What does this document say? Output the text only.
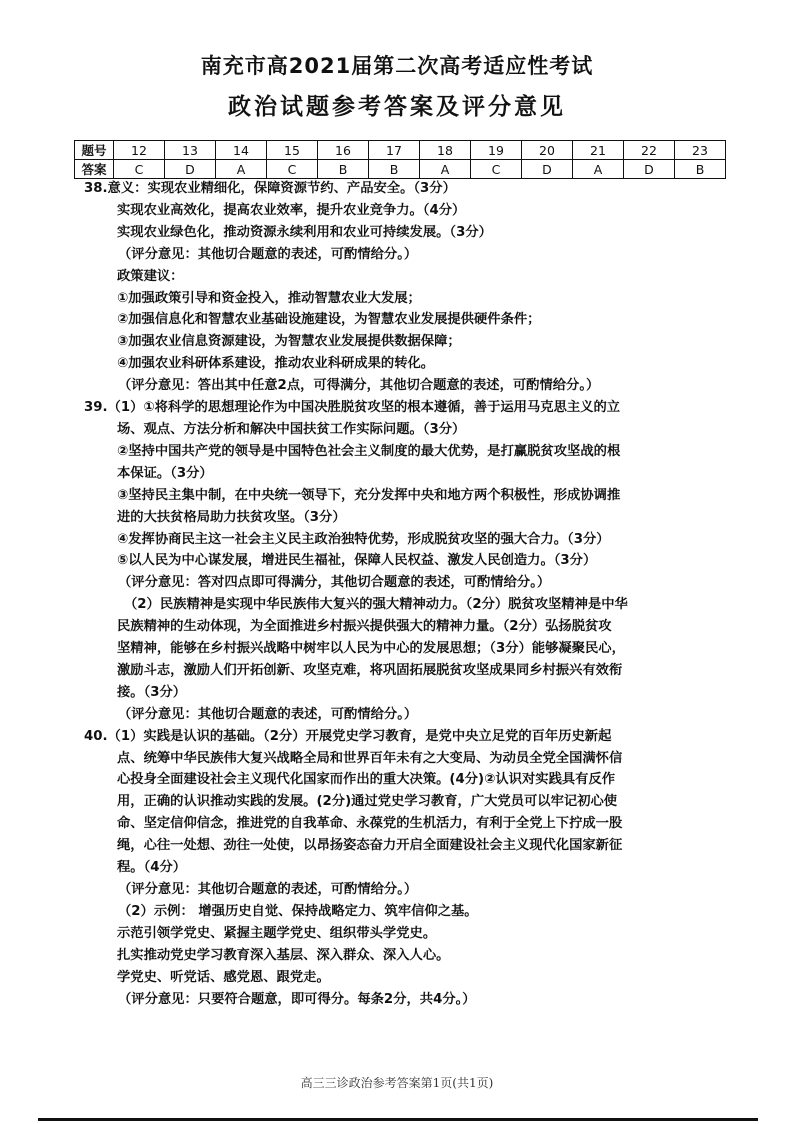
南充市高2021届第二次高考适应性考试
政治试题参考答案及评分意见
题号	12	13	14	15	16	17	18	19	20	21	22	23
答案	C	D	A	C	B	B	A	C	D	A	D	B

38.意义：实现农业精细化，保障资源节约、产品安全。（3分）

实现农业高效化，提高农业效率，提升农业竞争力。（4分）

实现农业绿色化，推动资源永续利用和农业可持续发展。（3分）

（评分意见：其他切合题意的表述，可酌情给分。）

政策建议：

①加强政策引导和资金投入，推动智慧农业大发展；

②加强信息化和智慧农业基础设施建设，为智慧农业发展提供硬件条件；

③加强农业信息资源建设，为智慧农业发展提供数据保障；

④加强农业科研体系建设，推动农业科研成果的转化。

（评分意见：答出其中任意2点，可得满分，其他切合题意的表述，可酌情给分。）

39.（1）①将科学的思想理论作为中国决胜脱贫攻坚的根本遵循，善于运用马克思主义的立

场、观点、方法分析和解决中国扶贫工作实际问题。（3分）

②坚持中国共产党的领导是中国特色社会主义制度的最大优势，是打赢脱贫攻坚战的根

本保证。（3分）

③坚持民主集中制，在中央统一领导下，充分发挥中央和地方两个积极性，形成协调推

进的大扶贫格局助力扶贫攻坚。（3分）

④发挥协商民主这一社会主义民主政治独特优势，形成脱贫攻坚的强大合力。（3分）

⑤以人民为中心谋发展，增进民生福祉，保障人民权益、激发人民创造力。（3分）

（评分意见：答对四点即可得满分，其他切合题意的表述，可酌情给分。）

（2）民族精神是实现中华民族伟大复兴的强大精神动力。（2分）脱贫攻坚精神是中华

民族精神的生动体现，为全面推进乡村振兴提供强大的精神力量。（2分）弘扬脱贫攻

坚精神，能够在乡村振兴战略中树牢以人民为中心的发展思想；（3分）能够凝聚民心，

激励斗志，激励人们开拓创新、攻坚克难，将巩固拓展脱贫攻坚成果同乡村振兴有效衔

接。（3分）

（评分意见：其他切合题意的表述，可酌情给分。）

40.（1）实践是认识的基础。（2分）开展党史学习教育，是党中央立足党的百年历史新起

点、统筹中华民族伟大复兴战略全局和世界百年未有之大变局、为动员全党全国满怀信

心投身全面建设社会主义现代化国家而作出的重大决策。(4分)②认识对实践具有反作

用，正确的认识推动实践的发展。(2分)通过党史学习教育，广大党员可以牢记初心使

命、坚定信仰信念，推进党的自我革命、永葆党的生机活力，有利于全党上下拧成一股

绳，心往一处想、劲往一处使，以昂扬姿态奋力开启全面建设社会主义现代化国家新征

程。（4分）

（评分意见：其他切合题意的表述，可酌情给分。）

（2）示例： 增强历史自觉、保持战略定力、筑牢信仰之基。

示范引领学党史、紧握主题学党史、组织带头学党史。

扎实推动党史学习教育深入基层、深入群众、深入人心。

学党史、听党话、感党恩、跟党走。

（评分意见：只要符合题意，即可得分。每条2分，共4分。）

高三三诊政治参考答案第1页(共1页)
